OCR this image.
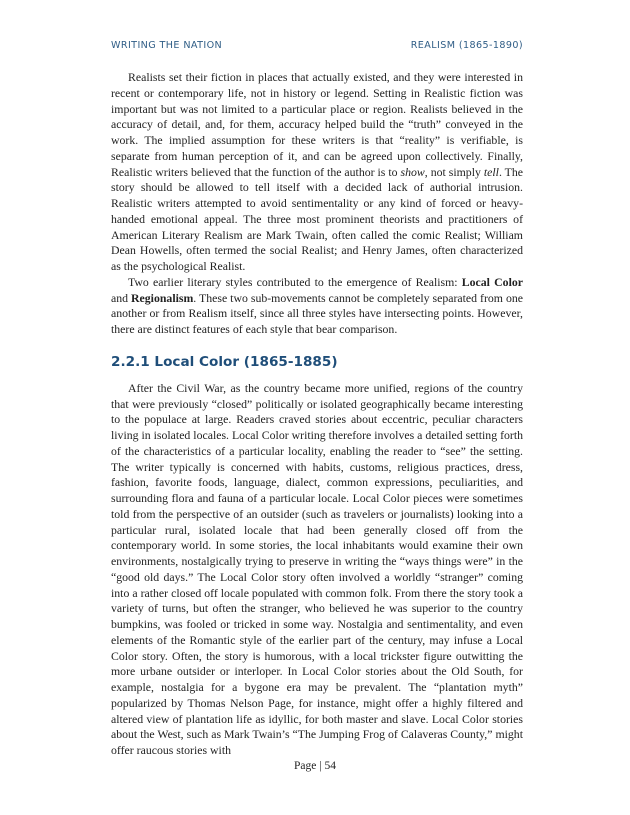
WRITING THE NATION	REALISM (1865-1890)

Realists set their fiction in places that actually existed, and they were interested in recent or contemporary life, not in history or legend. Setting in Realistic fiction was important but was not limited to a particular place or region. Realists believed in the accuracy of detail, and, for them, accuracy helped build the “truth” conveyed in the work. The implied assumption for these writers is that “reality” is verifiable, is separate from human perception of it, and can be agreed upon collectively. Finally, Realistic writers believed that the function of the author is to show, not simply tell. The story should be allowed to tell itself with a decided lack of authorial intrusion. Realistic writers attempted to avoid sentimentality or any kind of forced or heavy-handed emotional appeal. The three most prominent theorists and practitioners of American Literary Realism are Mark Twain, often called the comic Realist; William Dean Howells, often termed the social Realist; and Henry James, often characterized as the psychological Realist.

Two earlier literary styles contributed to the emergence of Realism: Local Color and Regionalism. These two sub-movements cannot be completely separated from one another or from Realism itself, since all three styles have intersecting points. However, there are distinct features of each style that bear comparison.

2.2.1 Local Color (1865-1885)

After the Civil War, as the country became more unified, regions of the country that were previously “closed” politically or isolated geographically became interesting to the populace at large. Readers craved stories about eccentric, peculiar characters living in isolated locales. Local Color writing therefore involves a detailed setting forth of the characteristics of a particular locality, enabling the reader to “see” the setting. The writer typically is concerned with habits, customs, religious practices, dress, fashion, favorite foods, language, dialect, common expressions, peculiarities, and surrounding flora and fauna of a particular locale. Local Color pieces were sometimes told from the perspective of an outsider (such as travelers or journalists) looking into a particular rural, isolated locale that had been generally closed off from the contemporary world. In some stories, the local inhabitants would examine their own environments, nostalgically trying to preserve in writing the “ways things were” in the “good old days.” The Local Color story often involved a worldly “stranger” coming into a rather closed off locale populated with common folk. From there the story took a variety of turns, but often the stranger, who believed he was superior to the country bumpkins, was fooled or tricked in some way. Nostalgia and sentimentality, and even elements of the Romantic style of the earlier part of the century, may infuse a Local Color story. Often, the story is humorous, with a local trickster figure outwitting the more urbane outsider or interloper. In Local Color stories about the Old South, for example, nostalgia for a bygone era may be prevalent. The “plantation myth” popularized by Thomas Nelson Page, for instance, might offer a highly filtered and altered view of plantation life as idyllic, for both master and slave. Local Color stories about the West, such as Mark Twain’s “The Jumping Frog of Calaveras County,” might offer raucous stories with

Page | 54
